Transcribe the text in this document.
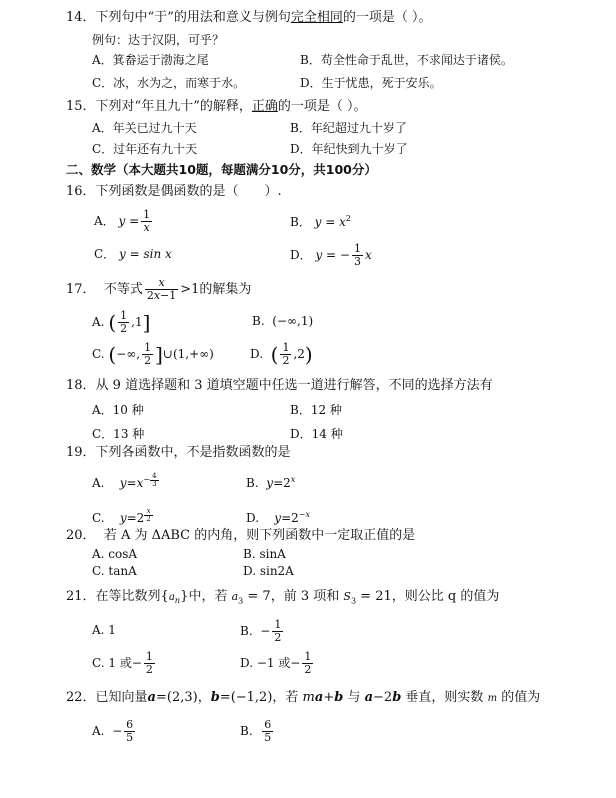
14．下列句中“于”的用法和意义与例句完全相同的一项是（ ）。
例句：达于汉阴，可乎？
A．箕畚运于渤海之尾	B．苟全性命于乱世，不求闻达于诸侯。
C．冰，水为之，而寒于水。	D．生于忧患，死于安乐。
15．下列对“年且九十”的解释，正确的一项是（ ）。
A．年关已过九十天	B．年纪超过九十岁了
C．过年还有九十天	D．年纪快到九十岁了
二、数学（本大题共10题，每题满分10分，共100分）
16．下列函数是偶函数的是（　　）.
A． $y = \frac{1}{x}$	B． $y = x^2$
C． y = sin x	D． y = − $\frac{1}{3}$ x
17． 不等式 $\frac{x}{2x-1} >1$的解集为
A. ( $\frac{1}{2} ,1$]	B. (−∞,1)
C. (−∞, $\frac{1}{2}$ ]∪(1,+∞)	D. ( $\frac{1}{2} ,2$)
18．从 9 道选择题和 3 道填空题中任选一道进行解答，不同的选择方法有
A．10 种	B．12 种
C．13 种	D．14 种
19．下列各函数中，不是指数函数的是
A. $y=x^{- \frac{4}{3}}$	B. $y=2^x$
C. y=2 $^{\frac{x}{2}}$	D. $y=2^{-x}$
20． 若 A 为 ΔABC 的内角，则下列函数中一定取正值的是
A. cosA	B. sinA
C. tanA	D. sin2A
21．在等比数列$\{a_n\}$中，若 $a_3 = 7$，前 3 项和 $S_3 = 21$，则公比 q 的值为
A. 1	B.  − $\frac{1}{2}$
C. 1 或− $\frac{1}{2}$	D. −1 或− $\frac{1}{2}$
22．已知向量a=(2,3)，b=(−1,2)，若 ma+b 与 a−2b 垂直，则实数 m 的值为
A.  − $\frac{6}{5}$	B. $\frac{6}{5}$
